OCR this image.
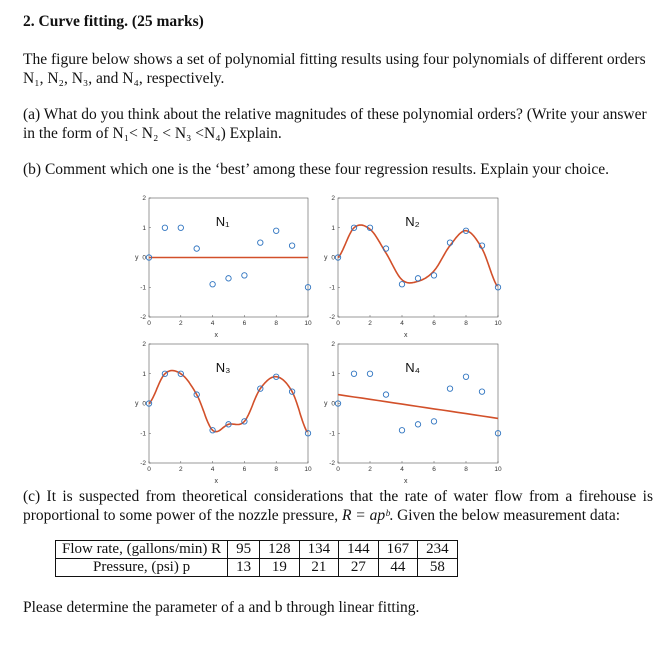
2. Curve fitting. (25 marks)

The figure below shows a set of polynomial fitting results using four polynomials of different orders N₁, N₂, N₃, and N₄, respectively.

(a) What do you think about the relative magnitudes of these polynomial orders? (Write your answer in the form of N₁< N₂ < N₃ <N₄) Explain.

(b) Comment which one is the ‘best’ among these four regression results. Explain your choice.

0	2	4	6	8	10
2
1
0
-1
-2
x
y
N₁
0	2	4	6	8	10
2
1
0
-1
-2
x
y
N₂
0	2	4	6	8	10
2
1
0
-1
-2
x
y
N₃
0	2	4	6	8	10
2
1
0
-1
-2
x
y
N₄

(c) It is suspected from theoretical considerations that the rate of water flow from a firehouse is proportional to some power of the nozzle pressure, R = apᵇ. Given the below measurement data:

Flow rate, (gallons/min) R	95	128	134	144	167	234
Pressure, (psi) p	13	19	21	27	44	58

Please determine the parameter of a and b through linear fitting.
